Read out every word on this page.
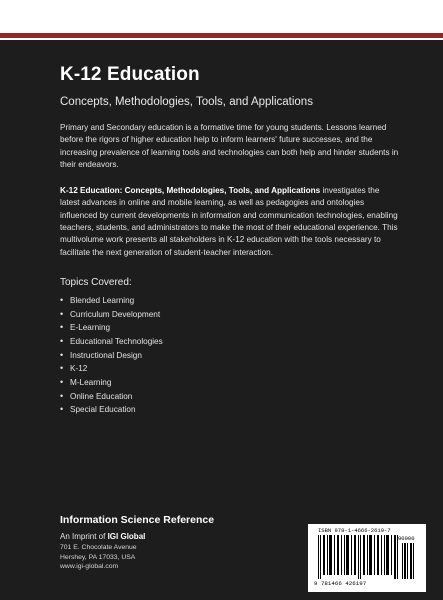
K-12 Education
Concepts, Methodologies, Tools, and Applications

Primary and Secondary education is a formative time for young students. Lessons learned before the rigors of higher education help to inform learners' future successes, and the increasing prevalence of learning tools and technologies can both help and hinder students in their endeavors.

K-12 Education: Concepts, Methodologies, Tools, and Applications investigates the latest advances in online and mobile learning, as well as pedagogies and ontologies influenced by current developments in information and communication technologies, enabling teachers, students, and administrators to make the most of their educational experience. This multivolume work presents all stakeholders in K-12 education with the tools necessary to facilitate the next generation of student-teacher interaction.

Topics Covered:
• Blended Learning
• Curriculum Development
• E-Learning
• Educational Technologies
• Instructional Design
• K-12
• M-Learning
• Online Education
• Special Education
Information Science Reference
An Imprint of IGI Global
701 E. Chocolate Avenue
Hershey, PA 17033, USA
www.igi-global.com
ISBN 978-1-4666-2619-7
90000
9 781466 426197
